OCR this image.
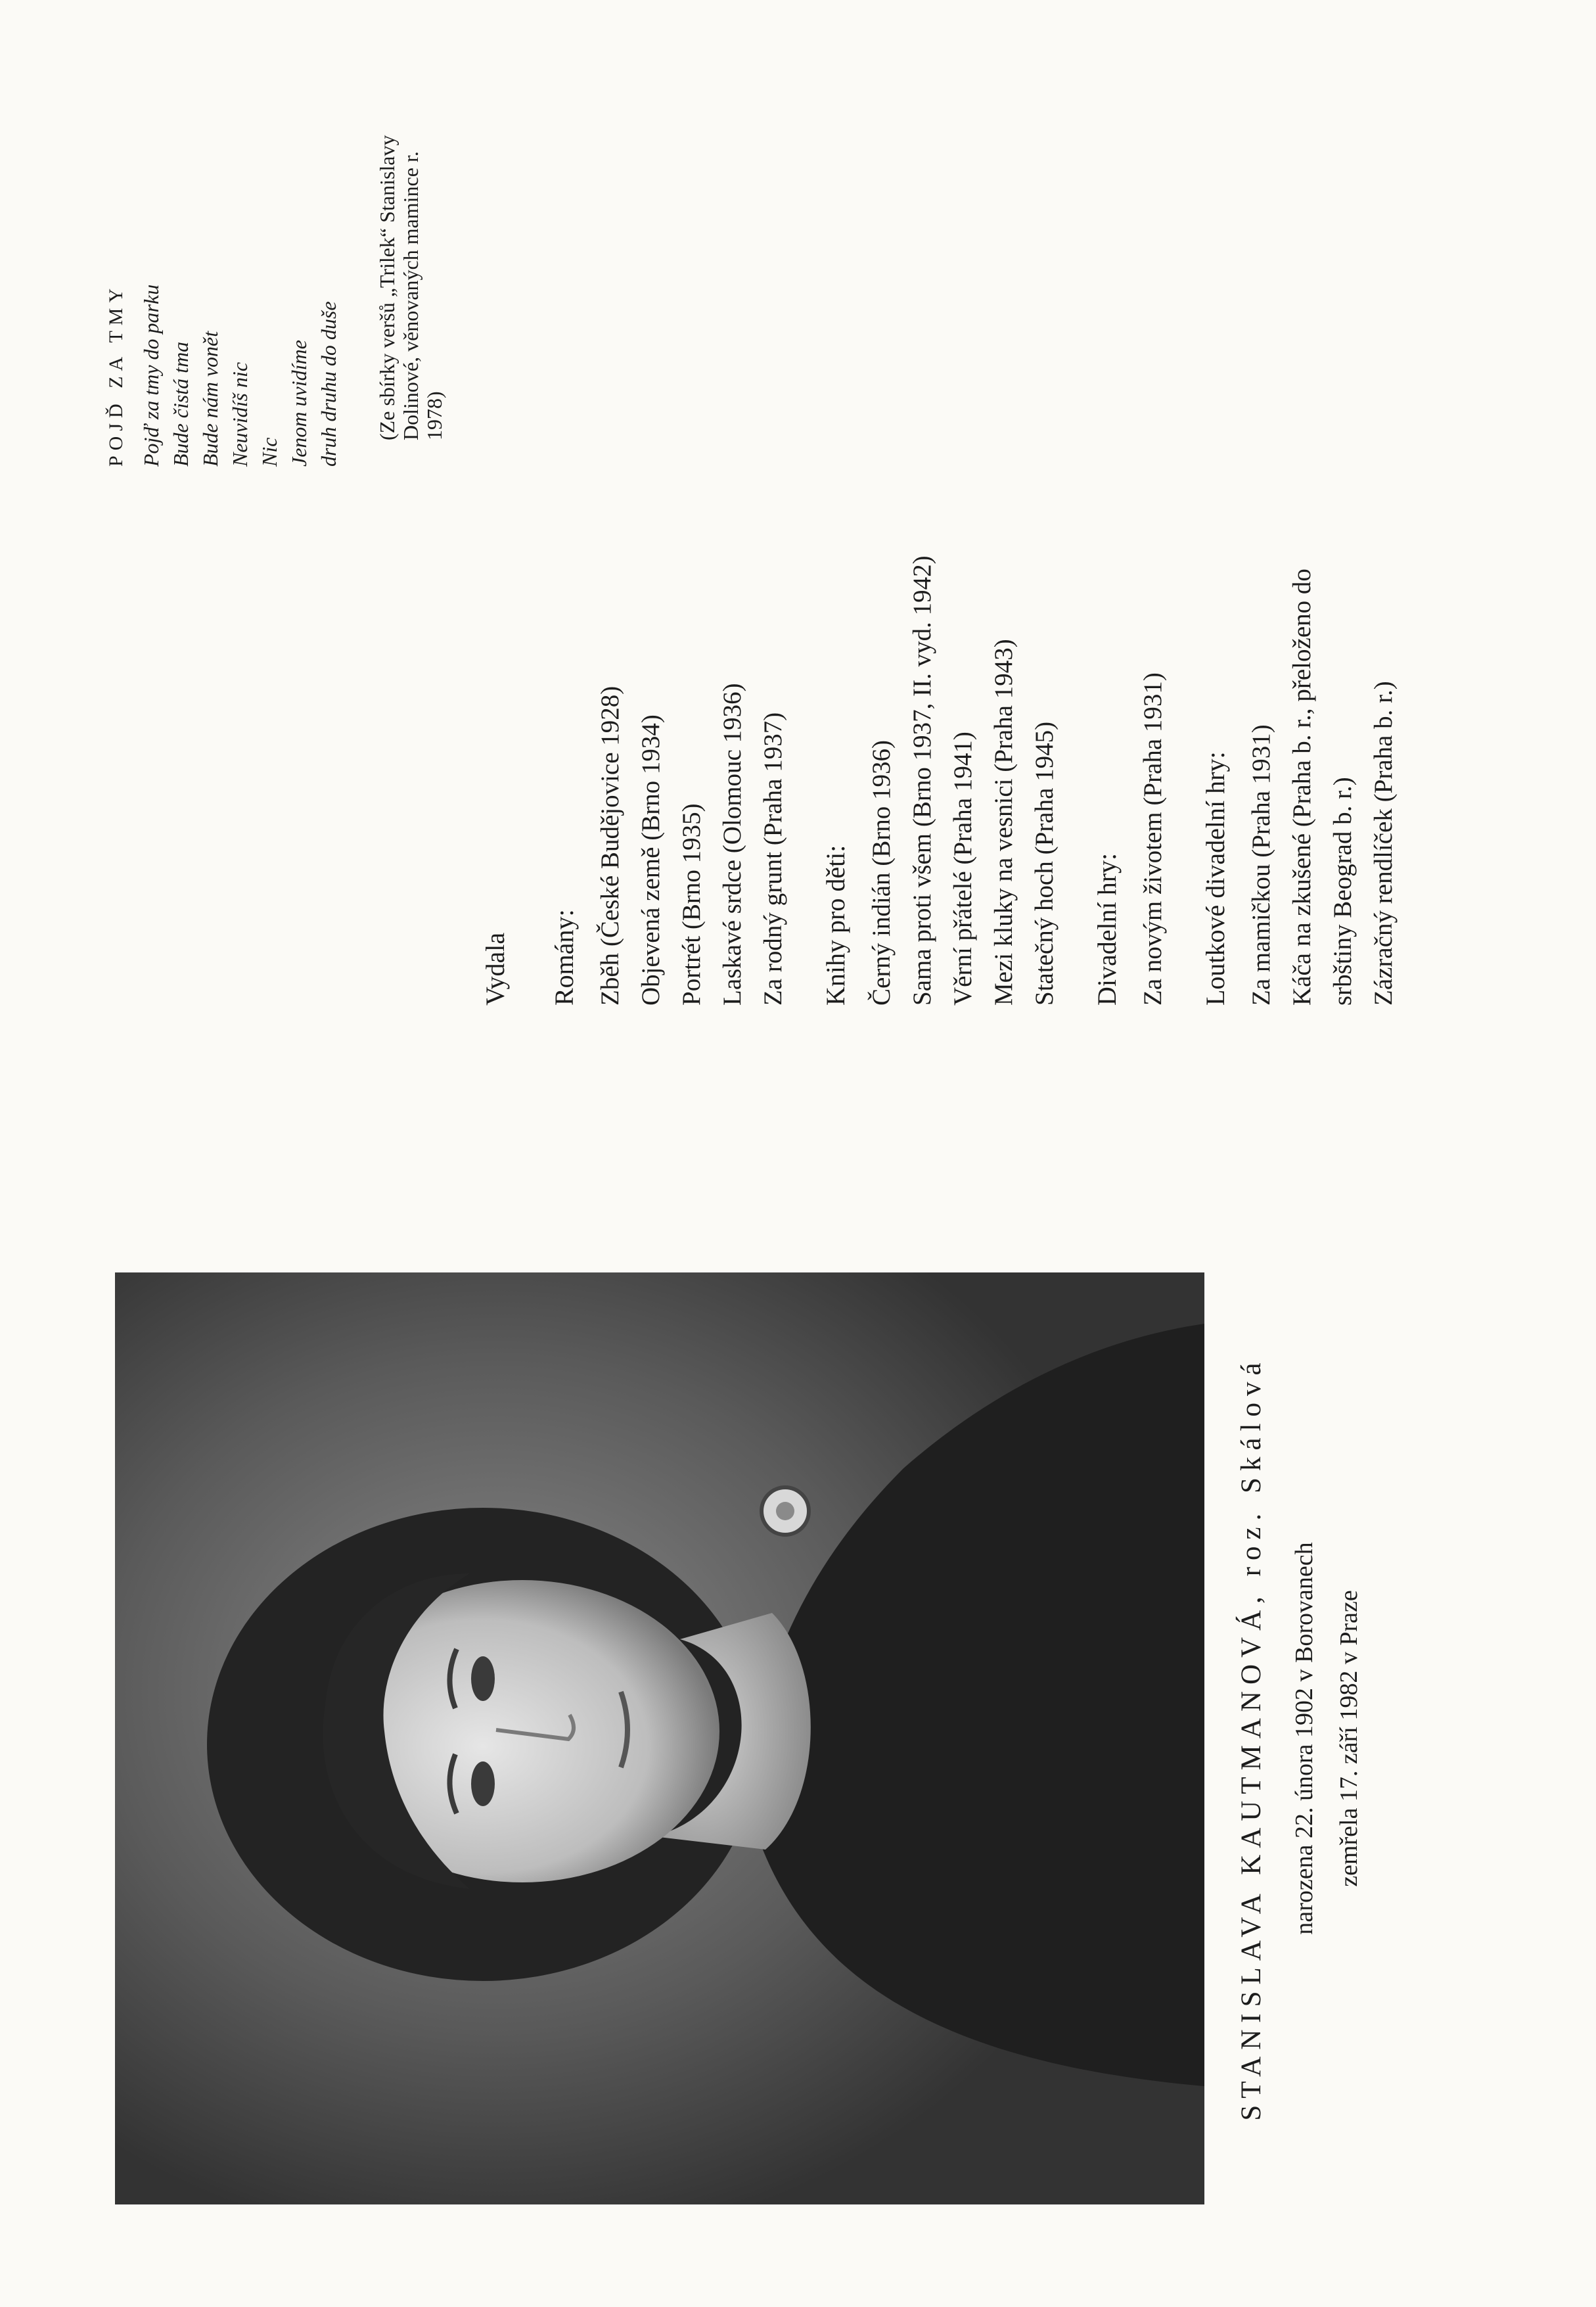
STANISLAVA KAUTMANOVÁ, roz. Skálová narozena 22. února 1902 v Borovanech zemřela 17. září 1982 v Praze
Vydala Romány: Zběh (České Budějovice 1928) Objevená země (Brno 1934) Portrét (Brno 1935) Laskavé srdce (Olomouc 1936) Za rodný grunt (Praha 1937) Knihy pro děti: Černý indián (Brno 1936) Sama proti všem (Brno 1937, II. vyd. 1942) Věrní přátelé (Praha 1941) Mezi kluky na vesnici (Praha 1943) Statečný hoch (Praha 1945) Divadelní hry: Za novým životem (Praha 1931) Loutkové divadelní hry: Za mamičkou (Praha 1931) Káča na zkušené (Praha b. r., přeloženo do srbštiny Beograd b. r.) Zázračný rendlíček (Praha b. r.)
POJĎ ZA TMY Pojď za tmy do parku Bude čistá tma Bude nám vonět Neuvidíš nic Nic Jenom uvidíme druh druhu do duše (Ze sbírky veršů „Trilek“ Stanislavy Dolinové, věnovaných mamince r. 1978)
